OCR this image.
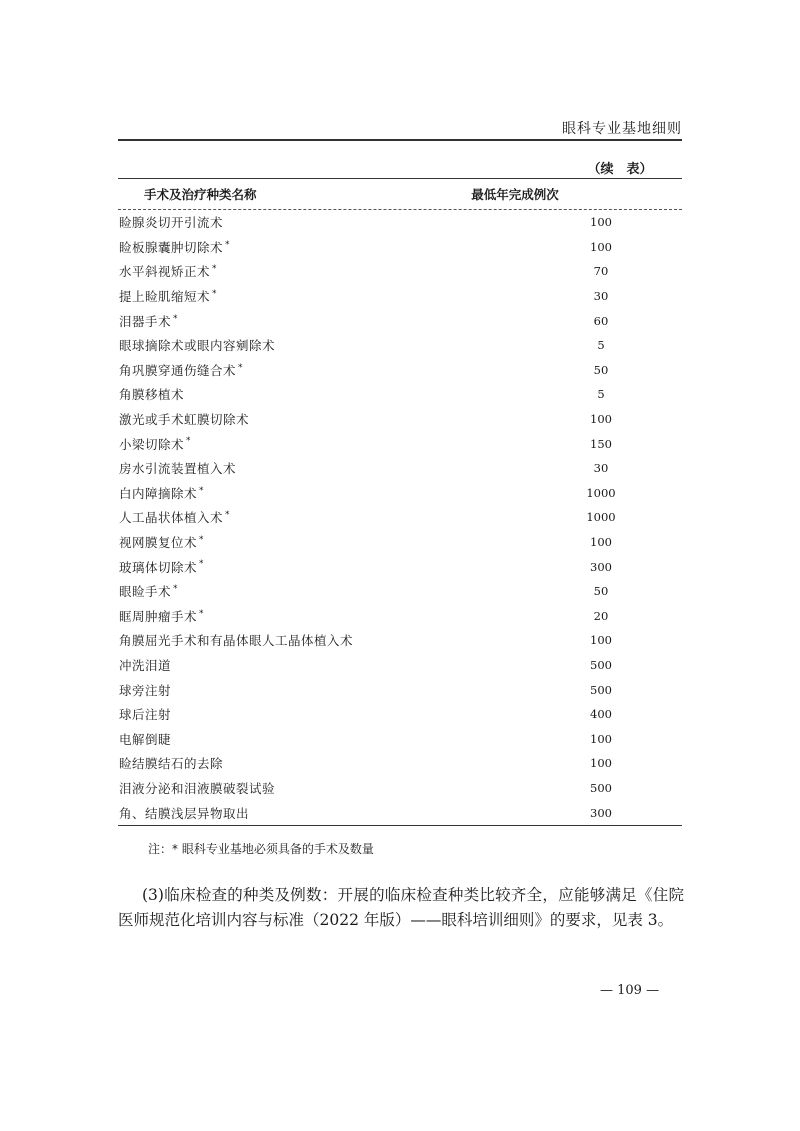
眼科专业基地细则
（续　表）
手术及治疗种类名称	最低年完成例次
睑腺炎切开引流术	100
睑板腺囊肿切除术 *	100
水平斜视矫正术 *	70
提上睑肌缩短术 *	30
泪器手术 *	60
眼球摘除术或眼内容剜除术	5
角巩膜穿通伤缝合术 *	50
角膜移植术	5
激光或手术虹膜切除术	100
小梁切除术 *	150
房水引流装置植入术	30
白内障摘除术 *	1000
人工晶状体植入术 *	1000
视网膜复位术 *	100
玻璃体切除术 *	300
眼睑手术 *	50
眶周肿瘤手术 *	20
角膜屈光手术和有晶体眼人工晶体植入术	100
冲洗泪道	500
球旁注射	500
球后注射	400
电解倒睫	100
睑结膜结石的去除	100
泪液分泌和泪液膜破裂试验	500
角、结膜浅层异物取出	300
注：* 眼科专业基地必须具备的手术及数量
(3)临床检查的种类及例数：开展的临床检查种类比较齐全，应能够满足《住院医师规范化培训内容与标准（2022 年版）——眼科培训细则》的要求，见表 3。
— 109 —
